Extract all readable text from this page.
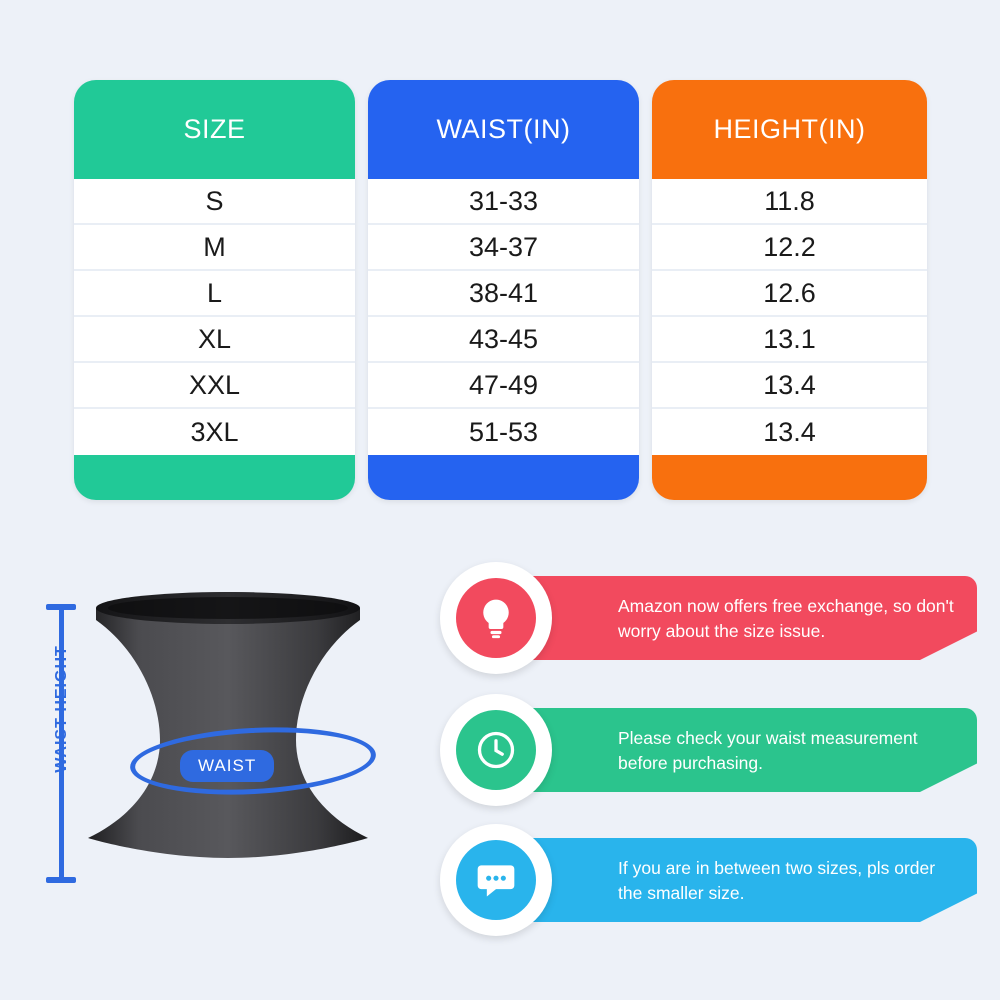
SIZE
S
M
L
XL
XXL
3XL
WAIST(IN)
31-33
34-37
38-41
43-45
47-49
51-53
HEIGHT(IN)
11.8
12.2
12.6
13.1
13.4
13.4
WAIST HEIGHT	WAIST
Amazon now offers free exchange, so don't worry about the size issue.
Please check your waist measurement before purchasing.
If you are in between two sizes, pls order the smaller size.
